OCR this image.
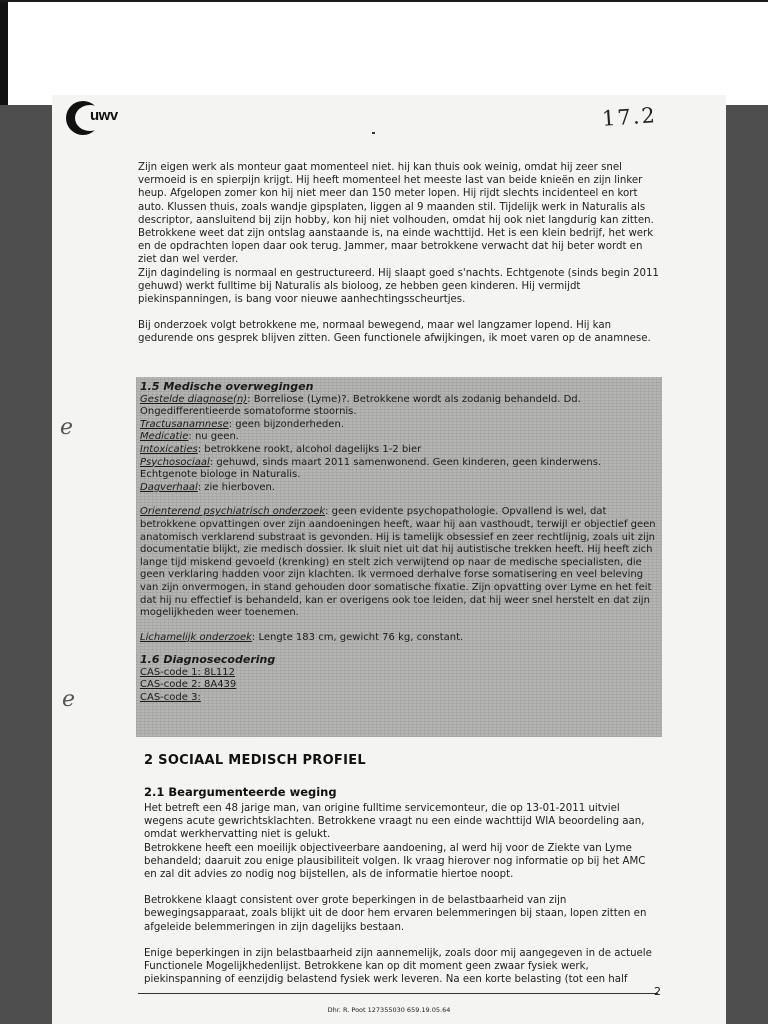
uwv	17.2

Zijn eigen werk als monteur gaat momenteel niet. hij kan thuis ook weinig, omdat hij zeer snel vermoeid is en spierpijn krijgt. Hij heeft momenteel het meeste last van beide knieën en zijn linker heup. Afgelopen zomer kon hij niet meer dan 150 meter lopen. Hij rijdt slechts incidenteel en kort auto. Klussen thuis, zoals wandje gipsplaten, liggen al 9 maanden stil. Tijdelijk werk in Naturalis als descriptor, aansluitend bij zijn hobby, kon hij niet volhouden, omdat hij ook niet langdurig kan zitten.

Betrokkene weet dat zijn ontslag aanstaande is, na einde wachttijd. Het is een klein bedrijf, het werk en de opdrachten lopen daar ook terug. Jammer, maar betrokkene verwacht dat hij beter wordt en ziet dan wel verder.

Zijn dagindeling is normaal en gestructureerd. Hij slaapt goed s'nachts. Echtgenote (sinds begin 2011 gehuwd) werkt fulltime bij Naturalis als bioloog, ze hebben geen kinderen. Hij vermijdt piekinspanningen, is bang voor nieuwe aanhechtingsscheurtjes.

Bij onderzoek volgt betrokkene me, normaal bewegend, maar wel langzamer lopend. Hij kan gedurende ons gesprek blijven zitten. Geen functionele afwijkingen, ik moet varen op de anamnese.

1.5 Medische overwegingen

Gestelde diagnose(n): Borreliose (Lyme)?. Betrokkene wordt als zodanig behandeld. Dd. Ongedifferentieerde somatoforme stoornis.

Tractusanamnese: geen bijzonderheden.

Medicatie: nu geen.

Intoxicaties: betrokkene rookt, alcohol dagelijks 1-2 bier

Psychosociaal: gehuwd, sinds maart 2011 samenwonend. Geen kinderen, geen kinderwens. Echtgenote biologe in Naturalis.

Dagverhaal: zie hierboven.

Orienterend psychiatrisch onderzoek: geen evidente psychopathologie. Opvallend is wel, dat betrokkene opvattingen over zijn aandoeningen heeft, waar hij aan vasthoudt, terwijl er objectief geen anatomisch verklarend substraat is gevonden. Hij is tamelijk obsessief en zeer rechtlijnig, zoals uit zijn documentatie blijkt, zie medisch dossier. Ik sluit niet uit dat hij autistische trekken heeft. Hij heeft zich lange tijd miskend gevoeld (krenking) en stelt zich verwijtend op naar de medische specialisten, die geen verklaring hadden voor zijn klachten. Ik vermoed derhalve forse somatisering en veel beleving van zijn onvermogen, in stand gehouden door somatische fixatie. Zijn opvatting over Lyme en het feit dat hij nu effectief is behandeld, kan er overigens ook toe leiden, dat hij weer snel herstelt en dat zijn mogelijkheden weer toenemen.

Lichamelijk onderzoek: Lengte 183 cm, gewicht 76 kg, constant.

1.6 Diagnosecodering

CAS-code 1: 8L112

CAS-code 2: 8A439

CAS-code 3:

e
e
2 SOCIAAL MEDISCH PROFIEL
2.1 Beargumenteerde weging

Het betreft een 48 jarige man, van origine fulltime servicemonteur, die op 13-01-2011 uitviel wegens acute gewrichtsklachten. Betrokkene vraagt nu een einde wachttijd WIA beoordeling aan, omdat werkhervatting niet is gelukt.

Betrokkene heeft een moeilijk objectiveerbare aandoening, al werd hij voor de Ziekte van Lyme behandeld; daaruit zou enige plausibiliteit volgen. Ik vraag hierover nog informatie op bij het AMC en zal dit advies zo nodig nog bijstellen, als de informatie hiertoe noopt.

Betrokkene klaagt consistent over grote beperkingen in de belastbaarheid van zijn bewegingsapparaat, zoals blijkt uit de door hem ervaren belemmeringen bij staan, lopen zitten en afgeleide belemmeringen in zijn dagelijks bestaan.

Enige beperkingen in zijn belastbaarheid zijn aannemelijk, zoals door mij aangegeven in de actuele Functionele Mogelijkhedenlijst. Betrokkene kan op dit moment geen zwaar fysiek werk, piekinspanning of eenzijdig belastend fysiek werk leveren. Na een korte belasting (tot een half

2
Dhr. R. Poot 127355030 659.19.05.64
